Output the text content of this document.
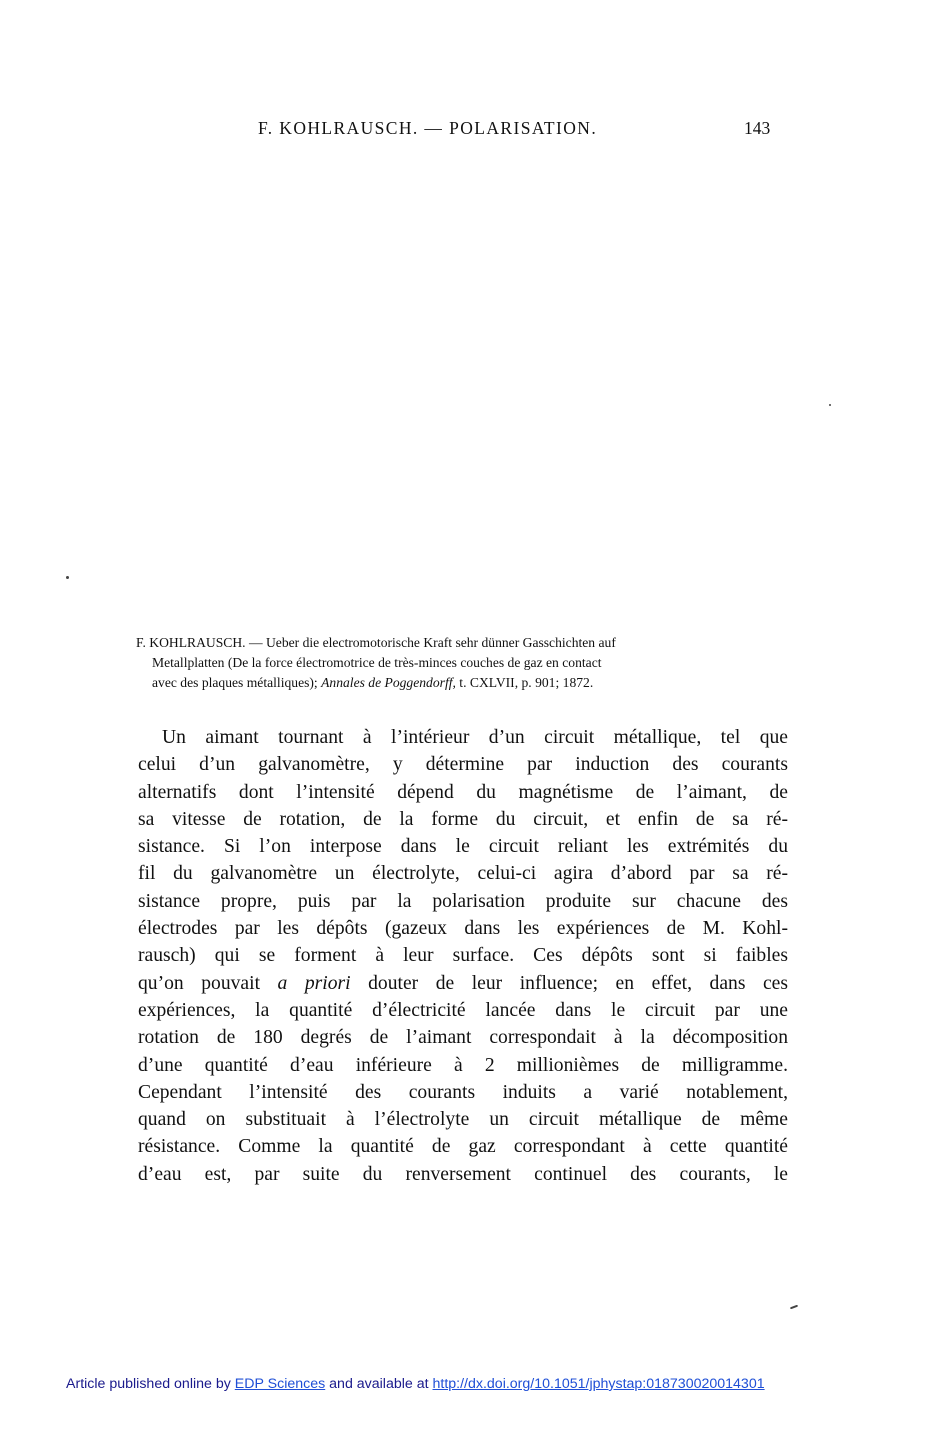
F. KOHLRAUSCH. — POLARISATION.	143
F. KOHLRAUSCH. — Ueber die electromotorische Kraft sehr dünner Gasschichten auf
Metallplatten (De la force électromotrice de très-minces couches de gaz en contact
avec des plaques métalliques); Annales de Poggendorff, t. CXLVII, p. 901; 1872.
Un aimant tournant à l’intérieur d’un circuit métallique, tel que
celui d’un galvanomètre, y détermine par induction des courants
alternatifs dont l’intensité dépend du magnétisme de l’aimant, de
sa vitesse de rotation, de la forme du circuit, et enfin de sa ré-
sistance. Si l’on interpose dans le circuit reliant les extrémités du
fil du galvanomètre un électrolyte, celui-ci agira d’abord par sa ré-
sistance propre, puis par la polarisation produite sur chacune des
électrodes par les dépôts (gazeux dans les expériences de M. Kohl-
rausch) qui se forment à leur surface. Ces dépôts sont si faibles
qu’on pouvait a priori douter de leur influence; en effet, dans ces
expériences, la quantité d’électricité lancée dans le circuit par une
rotation de 180 degrés de l’aimant correspondait à la décomposition
d’une quantité d’eau inférieure à 2 millionièmes de milligramme.
Cependant l’intensité des courants induits a varié notablement,
quand on substituait à l’électrolyte un circuit métallique de même
résistance. Comme la quantité de gaz correspondant à cette quantité
d’eau est, par suite du renversement continuel des courants, le
Article published online by EDP Sciences and available at http://dx.doi.org/10.1051/jphystap:018730020014301
